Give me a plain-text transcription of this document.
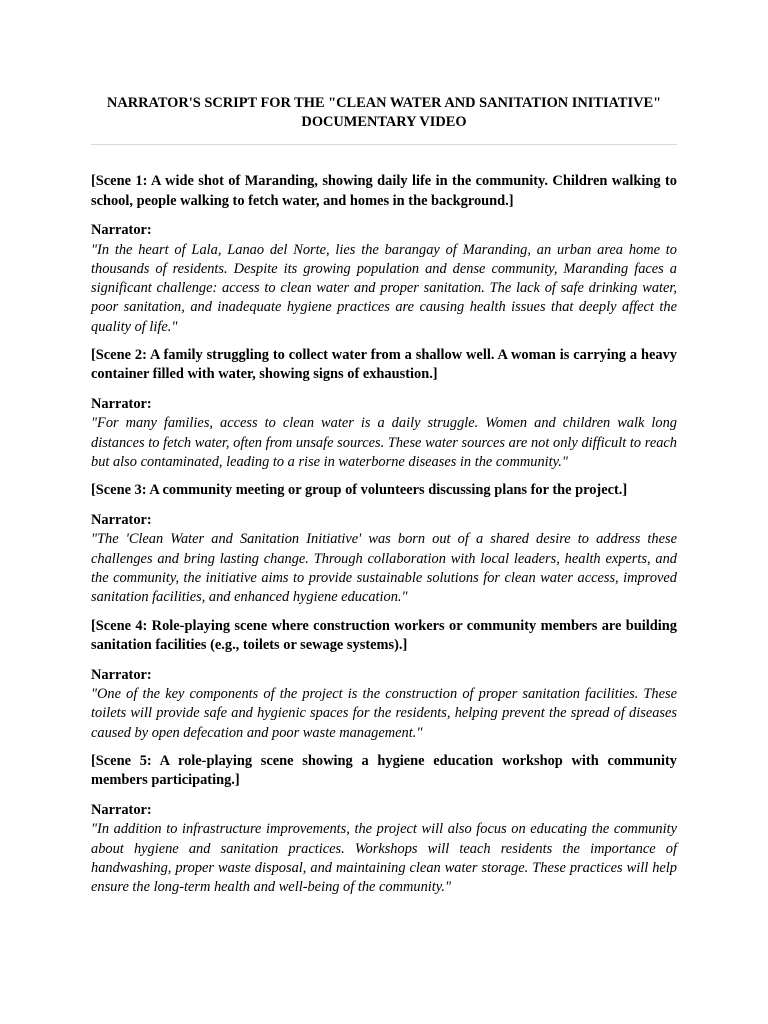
NARRATOR'S SCRIPT FOR THE "CLEAN WATER AND SANITATION INITIATIVE"
DOCUMENTARY VIDEO

[Scene 1: A wide shot of Maranding, showing daily life in the community. Children walking to school, people walking to fetch water, and homes in the background.]

Narrator:

"In the heart of Lala, Lanao del Norte, lies the barangay of Maranding, an urban area home to thousands of residents. Despite its growing population and dense community, Maranding faces a significant challenge: access to clean water and proper sanitation. The lack of safe drinking water, poor sanitation, and inadequate hygiene practices are causing health issues that deeply affect the quality of life."

[Scene 2: A family struggling to collect water from a shallow well. A woman is carrying a heavy container filled with water, showing signs of exhaustion.]

Narrator:

"For many families, access to clean water is a daily struggle. Women and children walk long distances to fetch water, often from unsafe sources. These water sources are not only difficult to reach but also contaminated, leading to a rise in waterborne diseases in the community."

[Scene 3: A community meeting or group of volunteers discussing plans for the project.]

Narrator:

"The 'Clean Water and Sanitation Initiative' was born out of a shared desire to address these challenges and bring lasting change. Through collaboration with local leaders, health experts, and the community, the initiative aims to provide sustainable solutions for clean water access, improved sanitation facilities, and enhanced hygiene education."

[Scene 4: Role-playing scene where construction workers or community members are building sanitation facilities (e.g., toilets or sewage systems).]

Narrator:

"One of the key components of the project is the construction of proper sanitation facilities. These toilets will provide safe and hygienic spaces for the residents, helping prevent the spread of diseases caused by open defecation and poor waste management."

[Scene 5: A role-playing scene showing a hygiene education workshop with community members participating.]

Narrator:

"In addition to infrastructure improvements, the project will also focus on educating the community about hygiene and sanitation practices. Workshops will teach residents the importance of handwashing, proper waste disposal, and maintaining clean water storage. These practices will help ensure the long-term health and well-being of the community."
